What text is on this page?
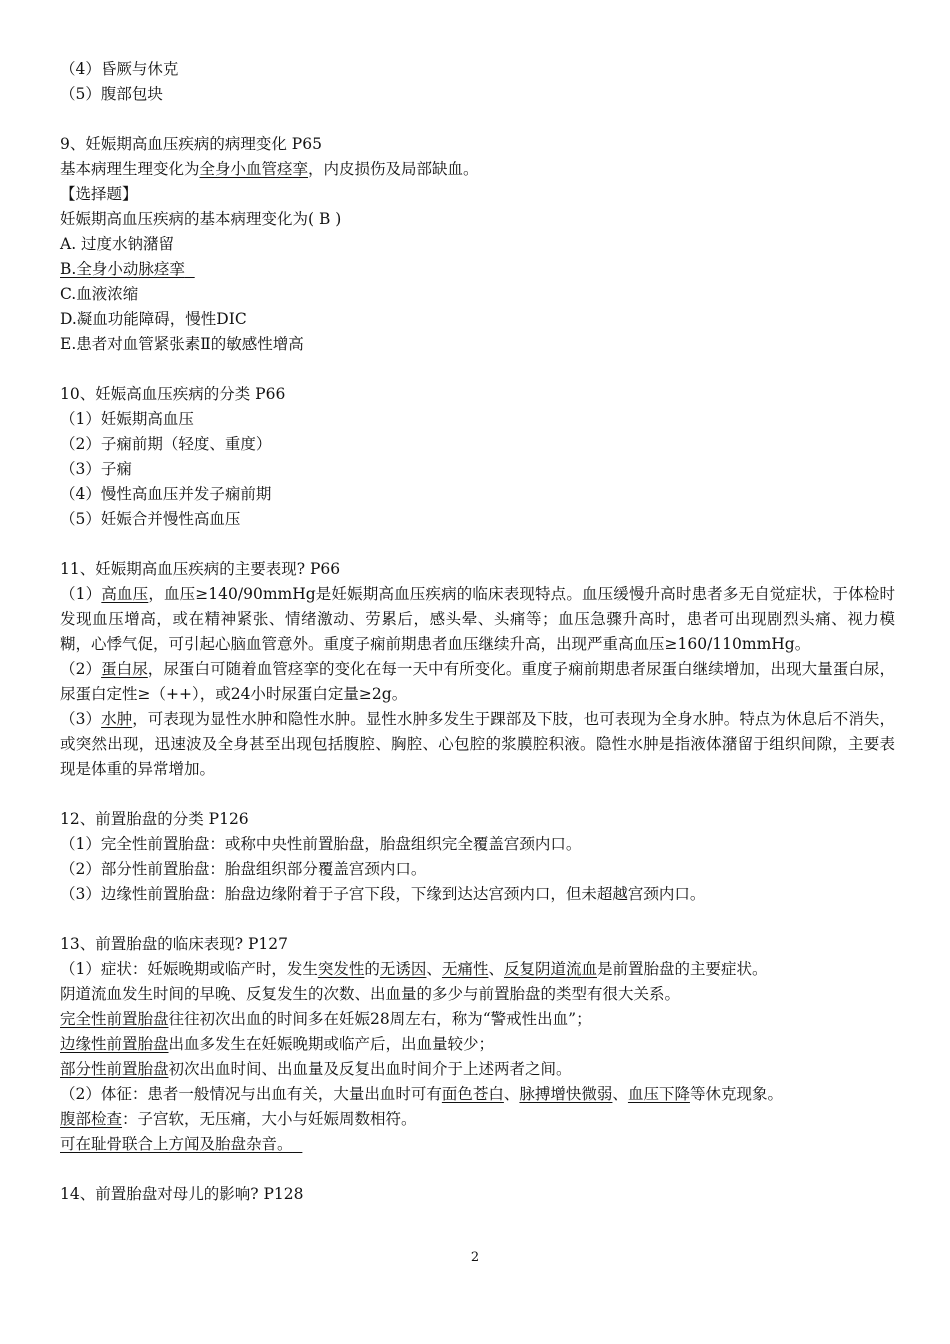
（4）昏厥与休克
（5）腹部包块
9、妊娠期高血压疾病的病理变化 P65
基本病理生理变化为全身小血管痉挛，内皮损伤及局部缺血。
【选择题】
妊娠期高血压疾病的基本病理变化为( B )
A. 过度水钠潴留
B.全身小动脉痉挛
C.血液浓缩
D.凝血功能障碍，慢性DIC
E.患者对血管紧张素Ⅱ的敏感性增高
10、妊娠高血压疾病的分类 P66
（1）妊娠期高血压
（2）子痫前期（轻度、重度）
（3）子痫
（4）慢性高血压并发子痫前期
（5）妊娠合并慢性高血压
11、妊娠期高血压疾病的主要表现? P66
（1）高血压，血压≥140/90mmHg是妊娠期高血压疾病的临床表现特点。血压缓慢升高时患者多无自觉症状，于体检时发现血压增高，或在精神紧张、情绪激动、劳累后，感头晕、头痛等；血压急骤升高时，患者可出现剧烈头痛、视力模糊，心悸气促，可引起心脑血管意外。重度子痫前期患者血压继续升高，出现严重高血压≥160/110mmHg。
（2）蛋白尿，尿蛋白可随着血管痉挛的变化在每一天中有所变化。重度子痫前期患者尿蛋白继续增加，出现大量蛋白尿，尿蛋白定性≥（++），或24小时尿蛋白定量≥2g。
（3）水肿，可表现为显性水肿和隐性水肿。显性水肿多发生于踝部及下肢，也可表现为全身水肿。特点为休息后不消失，或突然出现，迅速波及全身甚至出现包括腹腔、胸腔、心包腔的浆膜腔积液。隐性水肿是指液体潴留于组织间隙，主要表现是体重的异常增加。
12、前置胎盘的分类 P126
（1）完全性前置胎盘：或称中央性前置胎盘，胎盘组织完全覆盖宫颈内口。
（2）部分性前置胎盘：胎盘组织部分覆盖宫颈内口。
（3）边缘性前置胎盘：胎盘边缘附着于子宫下段，下缘到达达宫颈内口，但未超越宫颈内口。
13、前置胎盘的临床表现? P127
（1）症状：妊娠晚期或临产时，发生突发性的无诱因、无痛性、反复阴道流血是前置胎盘的主要症状。
阴道流血发生时间的早晚、反复发生的次数、出血量的多少与前置胎盘的类型有很大关系。
完全性前置胎盘往往初次出血的时间多在妊娠28周左右，称为“警戒性出血”；
边缘性前置胎盘出血多发生在妊娠晚期或临产后，出血量较少；
部分性前置胎盘初次出血时间、出血量及反复出血时间介于上述两者之间。
（2）体征：患者一般情况与出血有关，大量出血时可有面色苍白、脉搏增快微弱、血压下降等休克现象。
腹部检查：子宫软，无压痛，大小与妊娠周数相符。
可在耻骨联合上方闻及胎盘杂音。
14、前置胎盘对母儿的影响? P128
2
